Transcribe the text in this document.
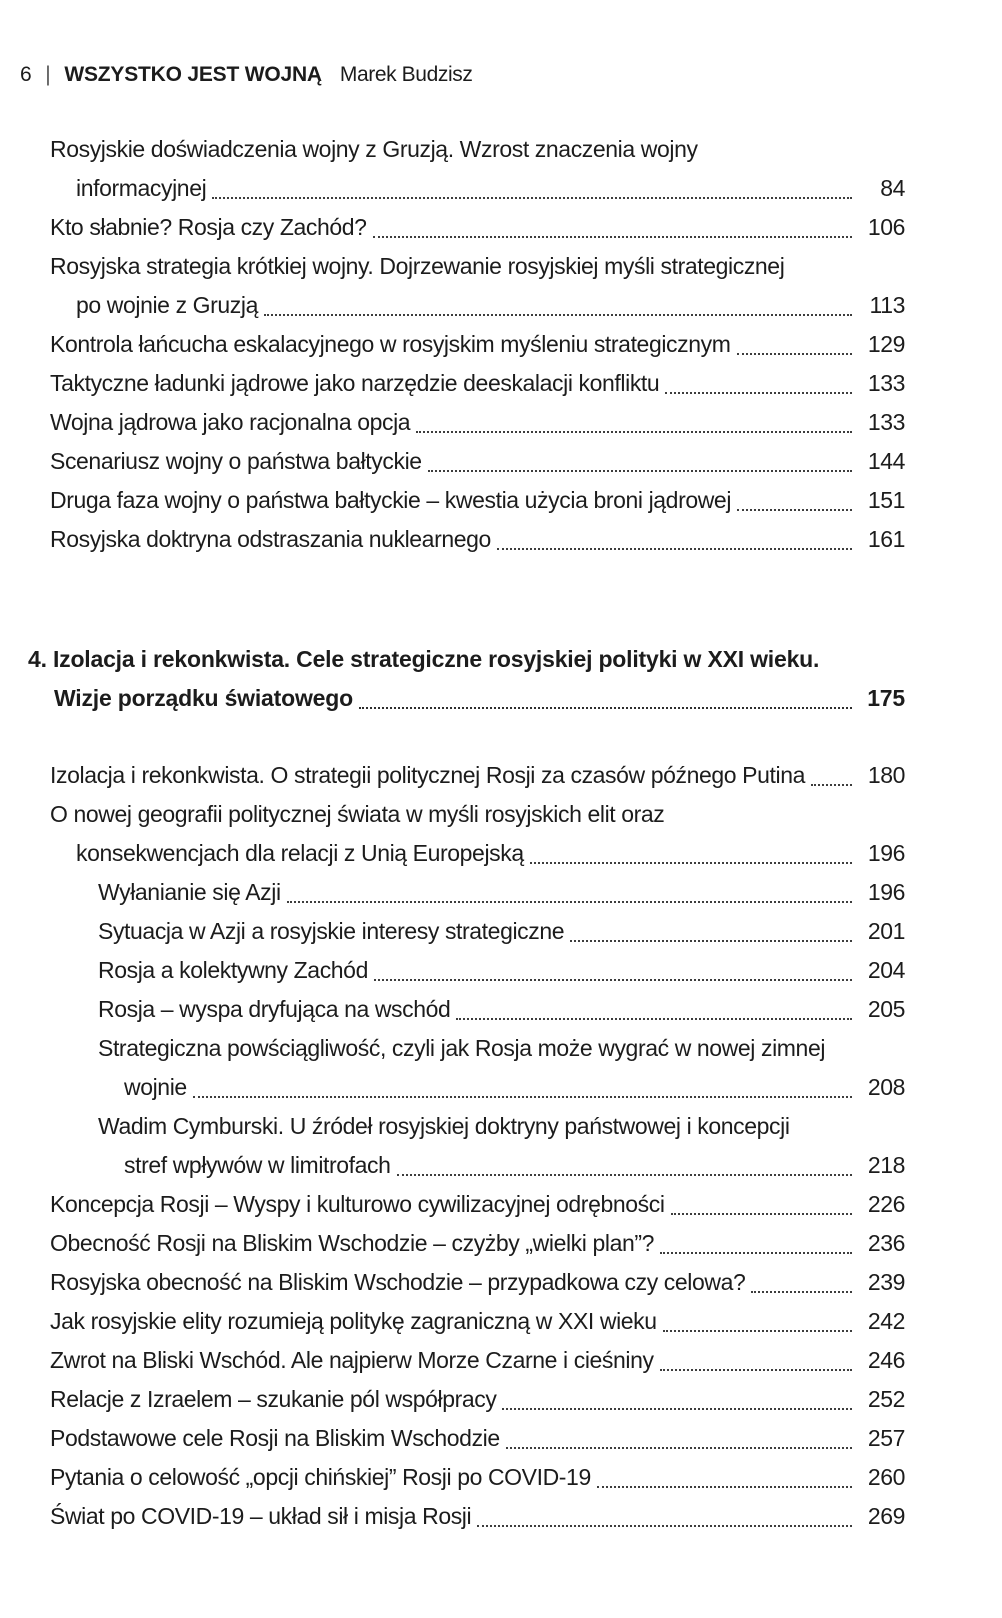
6 | WSZYSTKO JEST WOJNĄ Marek Budzisz
Rosyjskie doświadczenia wojny z Gruzją. Wzrost znaczenia wojny
informacyjnej	84
Kto słabnie? Rosja czy Zachód?	106
Rosyjska strategia krótkiej wojny. Dojrzewanie rosyjskiej myśli strategicznej
po wojnie z Gruzją	113
Kontrola łańcucha eskalacyjnego w rosyjskim myśleniu strategicznym	129
Taktyczne ładunki jądrowe jako narzędzie deeskalacji konfliktu	133
Wojna jądrowa jako racjonalna opcja	133
Scenariusz wojny o państwa bałtyckie	144
Druga faza wojny o państwa bałtyckie – kwestia użycia broni jądrowej	151
Rosyjska doktryna odstraszania nuklearnego	161
4. Izolacja i rekonkwista. Cele strategiczne rosyjskiej polityki w XXI wieku.
Wizje porządku światowego	175
Izolacja i rekonkwista. O strategii politycznej Rosji za czasów późnego Putina	180
O nowej geografii politycznej świata w myśli rosyjskich elit oraz
konsekwencjach dla relacji z Unią Europejską	196
Wyłanianie się Azji	196
Sytuacja w Azji a rosyjskie interesy strategiczne	201
Rosja a kolektywny Zachód	204
Rosja – wyspa dryfująca na wschód	205
Strategiczna powściągliwość, czyli jak Rosja może wygrać w nowej zimnej
wojnie	208
Wadim Cymburski. U źródeł rosyjskiej doktryny państwowej i koncepcji
stref wpływów w limitrofach	218
Koncepcja Rosji – Wyspy i kulturowo cywilizacyjnej odrębności	226
Obecność Rosji na Bliskim Wschodzie – czyżby „wielki plan”?	236
Rosyjska obecność na Bliskim Wschodzie – przypadkowa czy celowa?	239
Jak rosyjskie elity rozumieją politykę zagraniczną w XXI wieku	242
Zwrot na Bliski Wschód. Ale najpierw Morze Czarne i cieśniny	246
Relacje z Izraelem – szukanie pól współpracy	252
Podstawowe cele Rosji na Bliskim Wschodzie	257
Pytania o celowość „opcji chińskiej” Rosji po COVID-19	260
Świat po COVID-19 – układ sił i misja Rosji	269
